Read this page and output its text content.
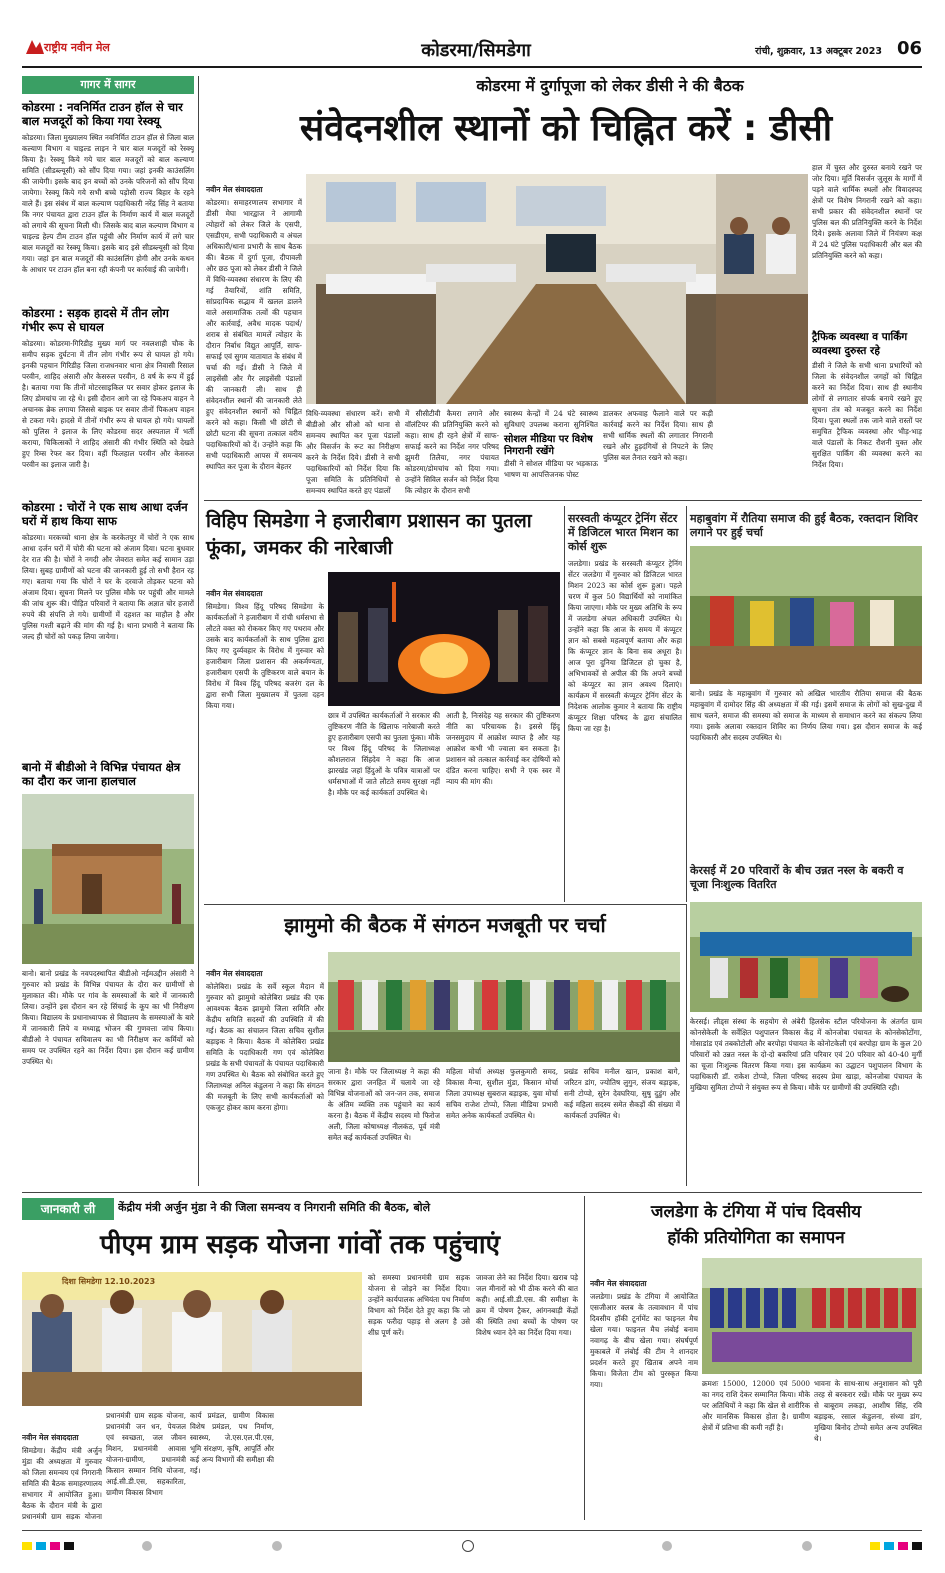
राष्ट्रीय नवीन मेल	कोडरमा/सिमडेगा	रांची, शुक्रवार, 13 अक्टूबर 2023 06
गागर में सागर
कोडरमा : नवनिर्मित टाउन हॉल से चार बाल मजदूरों को किया गया रेस्क्यू
कोडरमा। जिला मुख्यालय स्थित नवनिर्मित टाउन हॉल से जिला बाल कल्याण विभाग व चाइल्ड लाइन ने चार बाल मजदूरों को रेस्क्यू किया है। रेस्क्यू किये गये चार बाल मजदूरों को बाल कल्याण समिति (सीडब्ल्यूसी) को सौंप दिया गया। जहां इनकी काउंसलिंग की जायेगी। इसके बाद इन बच्चों को उनके परिजनों को सौंप दिया जायेगा। रेस्क्यू किये गये सभी बच्चे पड़ोसी राज्य बिहार के रहने वाले हैं। इस संबंध में बाल कल्याण पदाधिकारी नरेंद्र सिंह ने बताया कि नगर पंचायत द्वारा टाउन हॉल के निर्माण कार्य में बाल मजदूरों को लगाये की सूचना मिली थी। जिसके बाद बाल कल्याण विभाग व चाइल्ड हेल्प टीम टाउन हॉल पहुंची और निर्माण कार्य में लगे चार बाल मजदूरों का रेस्क्यू किया। इसके बाद इसे सीडब्ल्यूसी को दिया गया। जहां इन बाल मजदूरों की काउंसलिंग होगी और उनके कथन के आधार पर टाउन हॉल बना रही कंपनी पर कार्रवाई की जायेगी।
कोडरमा : सड़क हादसे में तीन लोग गंभीर रूप से घायल
कोडरमा। कोडरमा-गिरिडीह मुख्य मार्ग पर नवलशाही चौक के समीप सड़क दुर्घटना में तीन लोग गंभीर रूप से घायल हो गये। इनकी पहचान गिरिडीह जिला राजधनवार थाना क्षेत्र निवासी रिसाल परवीन, शाहिद अंसारी और केसरुल परवीन, 8 वर्ष के रूप में हुई है। बताया गया कि तीनों मोटरसाइकिल पर सवार होकर इलाज के लिए डोमचांच जा रहे थे। इसी दौरान आगे जा रहे पिकअप वाहन ने अचानक ब्रेक लगाया जिससे बाइक पर सवार तीनों पिकअप वाहन से टकरा गये। हादसे में तीनों गंभीर रूप से घायल हो गये। घायलों को पुलिस ने इलाज के लिए कोडरमा सदर अस्पताल में भर्ती कराया, चिकित्सकों ने शाहिद अंसारी की गंभीर स्थिति को देखते हुए रिम्स रेफर कर दिया। वहीं फिलहाल परवीन और केसरुल परवीन का इलाज जारी है।
कोडरमा : चोरों ने एक साथ आधा दर्जन घरों में हाथ किया साफ
कोडरमा। मरकच्चो थाना क्षेत्र के करकेतपुर में चोरों ने एक साथ आधा दर्जन घरों में चोरी की घटना को अंजाम दिया। घटना बुधवार देर रात की है। चोरों ने नगदी और जेवरात समेत कई सामान उड़ा लिया। सुबह ग्रामीणों को घटना की जानकारी हुई तो सभी हैरान रह गए। बताया गया कि चोरों ने घर के दरवाजे तोड़कर घटना को अंजाम दिया। सूचना मिलने पर पुलिस मौके पर पहुंची और मामले की जांच शुरू की। पीड़ित परिवारों ने बताया कि अज्ञात चोर हजारों रुपये की संपत्ति ले गये। ग्रामीणों में दहशत का माहौल है और पुलिस गश्ती बढ़ाने की मांग की गई है। थाना प्रभारी ने बताया कि जल्द ही चोरों को पकड़ लिया जायेगा।
बानो में बीडीओ ने विभिन्न पंचायत क्षेत्र का दौरा कर जाना हालचाल
बानो। बानो प्रखंड के नवपदस्थापित बीडीओ नईमउद्दीन अंसारी ने गुरुवार को प्रखंड के विभिन्न पंचायत के दौरा कर ग्रामीणों से मुलाकात की। मौके पर गांव के समस्याओं के बारे में जानकारी लिया। उन्होंने इस दौरान बन रहे सिंचाई के कूप का भी निरीक्षण किया। विद्यालय के प्रधानाध्यापक से विद्यालय के समस्याओं के बारे में जानकारी लिये व मध्याह्न भोजन की गुणवत्ता जांच किया। बीडीओ ने पंचायत सचिवालय का भी निरीक्षण कर कर्मियों को समय पर उपस्थित रहने का निर्देश दिया। इस दौरान कई ग्रामीण उपस्थित थे।
कोडरमा में दुर्गापूजा को लेकर डीसी ने की बैठक
संवेदनशील स्थानों को चिह्नित करें : डीसी

नवीन मेल संवाददाता
कोडरमा। समाहरणालय सभागार में डीसी मेघा भारद्वाज ने आगामी त्योहारों को लेकर जिले के एसपी, एसडीएम, सभी पदाधिकारी व अंचल अधिकारी/थाना प्रभारी के साथ बैठक की। बैठक में दुर्गा पूजा, दीपावली और छठ पूजा को लेकर डीसी ने जिले में विधि-व्यवस्था संधारण के लिए की गई तैयारियों, शांति समिति, सांप्रदायिक सद्भाव में खलल डालने वाले असामाजिक तत्वों की पहचान और कार्रवाई, अवैध मादक पदार्थ/शराब से संबंधित मामलें त्योहार के दौरान निर्बाध विद्युत आपूर्ति, साफ-सफाई एवं सुगम यातायात के संबंध में चर्चा की गई। डीसी ने जिले में लाइसेंसी और गैर लाइसेंसी पंडालों की जानकारी ली। साथ ही संवेदनशील स्थानों की जानकारी लेते हुए संवेदनशील स्थानों को चिह्नित करने को कहा। किसी भी छोटी से छोटी घटना की सूचना तत्काल वरीय पदाधिकारियों को दें। उन्होंने कहा कि सभी पदाधिकारी आपस में समन्वय स्थापित कर पूजा के दौरान बेहतर

विधि-व्यवस्था संधारण करें। सभी बीडीओ और सीओ को थाना से समन्वय स्थापित कर पूजा पंडालों और विसर्जन के रूट का निरीक्षण करने के निर्देश दिये। डीसी ने सभी पदाधिकारियों को निर्देश दिया कि पूजा समिति के प्रतिनिधियों से समन्वय स्थापित करते हुए पंडालों
में सीसीटीवी कैमरा लगाने और वॉलंटियर की प्रतिनियुक्ति करने को कहा। साथ ही रहने क्षेत्रों में साफ-सफाई करने का निर्देश नगर परिषद झुमरी तिलैया, नगर पंचायत कोडरमा/डोमचांच को दिया गया। उन्होंने सिविल सर्जन को निर्देश दिया कि त्योहार के दौरान सभी
स्वास्थ्य केन्द्रों में 24 घंटे स्वास्थ्य सुविधाएं उपलब्ध कराना सुनिश्चित
सोशल मीडिया पर विशेष निगरानी रखेंगे
डीसी ने सोशल मीडिया पर भड़काऊ भाषण या आपत्तिजनक पोस्ट
डालकर अफवाह फैलाने वाले पर कड़ी कार्रवाई करने का निर्देश दिया। साथ ही सभी धार्मिक स्थलों की लगातार निगरानी रखने और हुड़दंगियों से निपटने के लिए पुलिस बल तैनात रखने को कहा।
हाल में चुस्त और दुरुस्त बनाये रखने पर जोर दिया। मूर्ति विसर्जन जुलूस के मार्गों में पड़ने वाले धार्मिक स्थलों और विवादस्पद क्षेत्रों पर विशेष निगरानी रखने को कहा। सभी प्रकार की संवेदनशील स्थानों पर पुलिस बल की प्रतिनियुक्ति करने के निर्देश दिये। इसके अलावा जिले में नियंत्रण कक्ष में 24 घंटे पुलिस पदाधिकारी और बल की प्रतिनियुक्ति करने को कहा।
ट्रैफिक व्यवस्था व पार्किंग व्यवस्था दुरुस्त रहे
डीसी ने जिले के सभी थाना प्रभारियों को जिला के संवेदनशील जगहों को चिह्नित करने का निर्देश दिया। साथ ही स्थानीय लोगों से लगातार संपर्क बनाये रखने हुए सूचना तंत्र को मजबूत करने का निर्देश दिया। पूजा स्थलों तक जाने वाले रास्तों पर समुचित ट्रैफिक व्यवस्था और भीड़-भाड़ वाले पंडालों के निकट रौशनी युक्त और सुरक्षित पार्किंग की व्यवस्था करने का निर्देश दिया।
विहिप सिमडेगा ने हजारीबाग प्रशासन का पुतला फूंका, जमकर की नारेबाजी

नवीन मेल संवाददाता
सिमडेगा। विश्व हिंदू परिषद सिमडेगा के कार्यकर्ताओं ने हजारीबाग में रांची धर्मसभा से लौटते वक्त को रोककर किए गए पथराव और उसके बाद कार्यकर्ताओं के साथ पुलिस द्वारा किए गए दुर्व्यवहार के विरोध में गुरुवार को हजारीबाग जिला प्रशासन की अकर्मण्यता, हजारीबाग एसपी के तुष्टिकरण वाले बयान के विरोध में विश्व हिंदू परिषद बजरंग दल के द्वारा सभी जिला मुख्यालय में पुतला दहन किया गया।

छात्र में उपस्थित कार्यकर्ताओं ने सरकार की तुष्टिकरण नीति के खिलाफ नारेबाजी करते हुए हजारीबाग एसपी का पुतला फूंका। मौके पर विश्व हिंदू परिषद के जिलाध्यक्ष कौशलराज सिंहदेव ने कहा कि आज झारखंड जहां हिंदुओं के पवित्र यात्राओं पर धर्मसभाओं में जाते लौटते समय सुरक्षा नहीं है। मौके पर कई कार्यकर्ता उपस्थित थे।
आती है, निःसंदेह यह सरकार की तुष्टिकरण नीति का परिचायक है। इससे हिंदू जनसमुदाय में आक्रोश व्याप्त है और यह आक्रोश कभी भी ज्वाला बन सकता है। प्रशासन को तत्काल कार्रवाई कर दोषियों को दंडित करना चाहिए। सभी ने एक स्वर में न्याय की मांग की।
सरस्वती कंप्यूटर ट्रेनिंग सेंटर में डिजिटल भारत मिशन का कोर्स शुरू
जलडेगा। प्रखंड के सरस्वती कंप्यूटर ट्रेनिंग सेंटर जलडेगा में गुरुवार को डिजिटल भारत मिशन 2023 का कोर्स शुरू हुआ। पहले चरण में कुल 50 विद्यार्थियों को नामांकित किया जाएगा। मौके पर मुख्य अतिथि के रूप में जलडेगा अंचल अधिकारी उपस्थित थे। उन्होंने कहा कि आज के समय में कंप्यूटर ज्ञान को सबसे महत्वपूर्ण बताया और कहा कि कंप्यूटर ज्ञान के बिना सब अधूरा है। आज पूरा दुनिया डिजिटल हो चुका है, अभिभावकों से अपील की कि अपने बच्चों को कंप्यूटर का ज्ञान अवश्य दिलाएं। कार्यक्रम में सरस्वती कंप्यूटर ट्रेनिंग सेंटर के निदेशक आलोक कुमार ने बताया कि राष्ट्रीय कंप्यूटर शिक्षा परिषद के द्वारा संचालित किया जा रहा है।
महाबुवांग में रौतिया समाज की हुई बैठक, रक्तदान शिविर लगाने पर हुई चर्चा
बानो। प्रखंड के महाबुवांग में गुरुवार को अखिल भारतीय रौतिया समाज की बैठक महाबुवांग में दामोदर सिंह की अध्यक्षता में की गई। इसमें समाज के लोगों को सुख-दुख में साथ चलने, समाज की समस्या को समाज के माध्यम से समाधान करने का संकल्प लिया गया। इसके अलावा रक्तदान शिविर का निर्णय लिया गया। इस दौरान समाज के कई पदाधिकारी और सदस्य उपस्थित थे।
केरसई में 20 परिवारों के बीच उन्नत नस्ल के बकरी व चूजा निःशुल्क वितरित
केरसई। लीड्स संस्था के सहयोग से अंबेरी हिलसेक स्टील परियोजना के अंतर्गत ग्राम कोनसेकेली के सर्वेक्षित पशुपालन विकास केंद्र में कोनजोबा पंचायत के कोनसेकोटोंगा, गोसाडांड एवं तबकोटोली और बरपोहा पंचायत के कोनोटकेली एवं बरपोहा ग्राम के कुल 20 परिवारों को उन्नत नस्ल के दो-दो बकरियां प्रति परिवार एवं 20 परिवार को 40-40 मुर्गी का चूजा निःशुल्क वितरण किया गया। इस कार्यक्रम का उद्घाटन पशुपालन विभाग के पदाधिकारी डॉ. राकेश टोप्पो, जिला परिषद सदस्य प्रेमा खाड़ा, कोनजोबा पंचायत के मुखिया सुमिता टोप्पो ने संयुक्त रूप से किया। मौके पर ग्रामीणों की उपस्थिति रही।
झामुमो की बैठक में संगठन मजबूती पर चर्चा

नवीन मेल संवाददाता
कोलेबिरा। प्रखंड के सर्वे स्कूल मैदान में गुरुवार को झामुमो कोलेबिरा प्रखंड की एक आवश्यक बैठक झामुमो जिला समिति और केंद्रीय समिति सदस्यों की उपस्थिति में की गई। बैठक का संचालन जिला सचिव सुशील बड़ाइक ने किया। बैठक में कोलेबिरा प्रखंड समिति के पदाधिकारी गण एवं कोलेबिरा प्रखंड के सभी पंचायतों के पंचायत पदाधिकारी गण उपस्थित थे। बैठक को संबोधित करते हुए जिलाध्यक्ष अनिल कंडुलना ने कहा कि संगठन की मजबूती के लिए सभी कार्यकर्ताओं को एकजुट होकर काम करना होगा।

जाना है। मौके पर जिलाध्यक्ष ने कहा की सरकार द्वारा जनहित में चलाये जा रहे विभिन्न योजनाओं को जन-जन तक, समाज के अंतिम व्यक्ति तक पहुंचाने का कार्य करना है। बैठक में केंद्रीय सदस्य मो फिरोज अली, जिला कोषाध्यक्ष नीलकंठ, पूर्व मंत्री समेत कई कार्यकर्ता उपस्थित थे।
महिला मोर्चा अध्यक्ष फुलकुमारी समद, विकास मैन्या, सुशील मुंडा, किसान मोर्चा जिला उपाध्यक्ष सुबराज बड़ाइक, युवा मोर्चा सचिव राजेश टोप्पो, जिला मीडिया प्रभारी समेत अनेक कार्यकर्ता उपस्थित थे।
प्रखंड सचिव मनील खान, प्रकाश बागे, जरिटन डांग, ज्योतिष लुगुन, संजय बड़ाइक, सनी टोप्पो, सुरेन देवघरिया, सुषु दुडुंग और कई महिला सदस्य समेत सैकड़ों की संख्या में कार्यकर्ता उपस्थित थे।
जानकारी ली	केंद्रीय मंत्री अर्जुन मुंडा ने की जिला समन्वय व निगरानी समिति की बैठक, बोले
पीएम ग्राम सड़क योजना गांवों तक पहुंचाएं
दिशा सिमडेगा 12.10.2023

नवीन मेल संवाददाता
सिमडेगा। केंद्रीय मंत्री अर्जुन मुंडा की अध्यक्षता में गुरुवार को जिला समन्वय एवं निगरानी समिति की बैठक समाहरणालय सभागार में आयोजित हुआ। बैठक के दौरान मंत्री के द्वारा प्रधानमंत्री ग्राम सड़क योजना

प्रधानमंत्री ग्राम सड़क योजना, प्रधानमंत्री जन धन, पेयजल एवं स्वच्छता, जल जीवन मिशन, प्रधानमंत्री आवास योजना-ग्रामीण, प्रधानमंत्री किसान सम्मान निधि योजना, आई.सी.डी.एस, सहकारिता, ग्रामीण विकास विभाग
कार्य प्रमंडल, ग्रामीण विकास विशेष प्रमंडल, पथ निर्माण, स्वास्थ्य, जे.एस.एल.पी.एस, भूमि संरक्षण, कृषि, आपूर्ति और कई अन्य विभागों की समीक्षा की गई।
को समस्या प्रधानमंत्री ग्राम सड़क योजना से जोड़ने का निर्देश दिया। उन्होंने कार्यपालक अभियंता पथ निर्माण विभाग को निर्देश देते हुए कहा कि जो सड़क फरीदा पहाड़ से अलग है उसे शीघ्र पूर्ण करें।
जावजा लेने का निर्देश दिया। खराब पड़े जल मीनारों को भी ठीक करने की बात कही। आई.सी.डी.एस. की समीक्षा के क्रम में पोषण ट्रैकर, आंगनबाड़ी केंद्रों की स्थिति तथा बच्चों के पोषण पर विशेष ध्यान देने का निर्देश दिया गया।
जलडेगा के टंगिया में पांच दिवसीय
हॉकी प्रतियोगिता का समापन

नवीन मेल संवाददाता
जलडेगा। प्रखंड के टंगिया में आयोजित एसजीआर क्लब के तत्वावधान में पांच दिवसीय हॉकी टूर्नामेंट का फाइनल मैच खेला गया। फाइनल मैच लंबोई बनाम नवागढ़ के बीच खेला गया। संघर्षपूर्ण मुकाबले में लंबोई की टीम ने शानदार प्रदर्शन करते हुए खिताब अपने नाम किया। विजेता टीम को पुरस्कृत किया गया।	क्रमशः 15000, 12000 एवं 5000 का नगद राशि देकर सम्मानित किया। मौके पर अतिथियों ने कहा कि खेल से शारीरिक और मानसिक विकास होता है। ग्रामीण क्षेत्रों में प्रतिभा की कमी नहीं है।
भावना के साथ-साथ अनुशासन को पूरी तरह से बरकरार रखें। मौके पर मुख्य रूप से बाबूराम लकड़ा, आशीष सिंह, रवि बड़ाइक, रसाल कंडुलना, संध्या डांग, मुखिया बिनोद टोप्पो समेत अन्य उपस्थित थे।
